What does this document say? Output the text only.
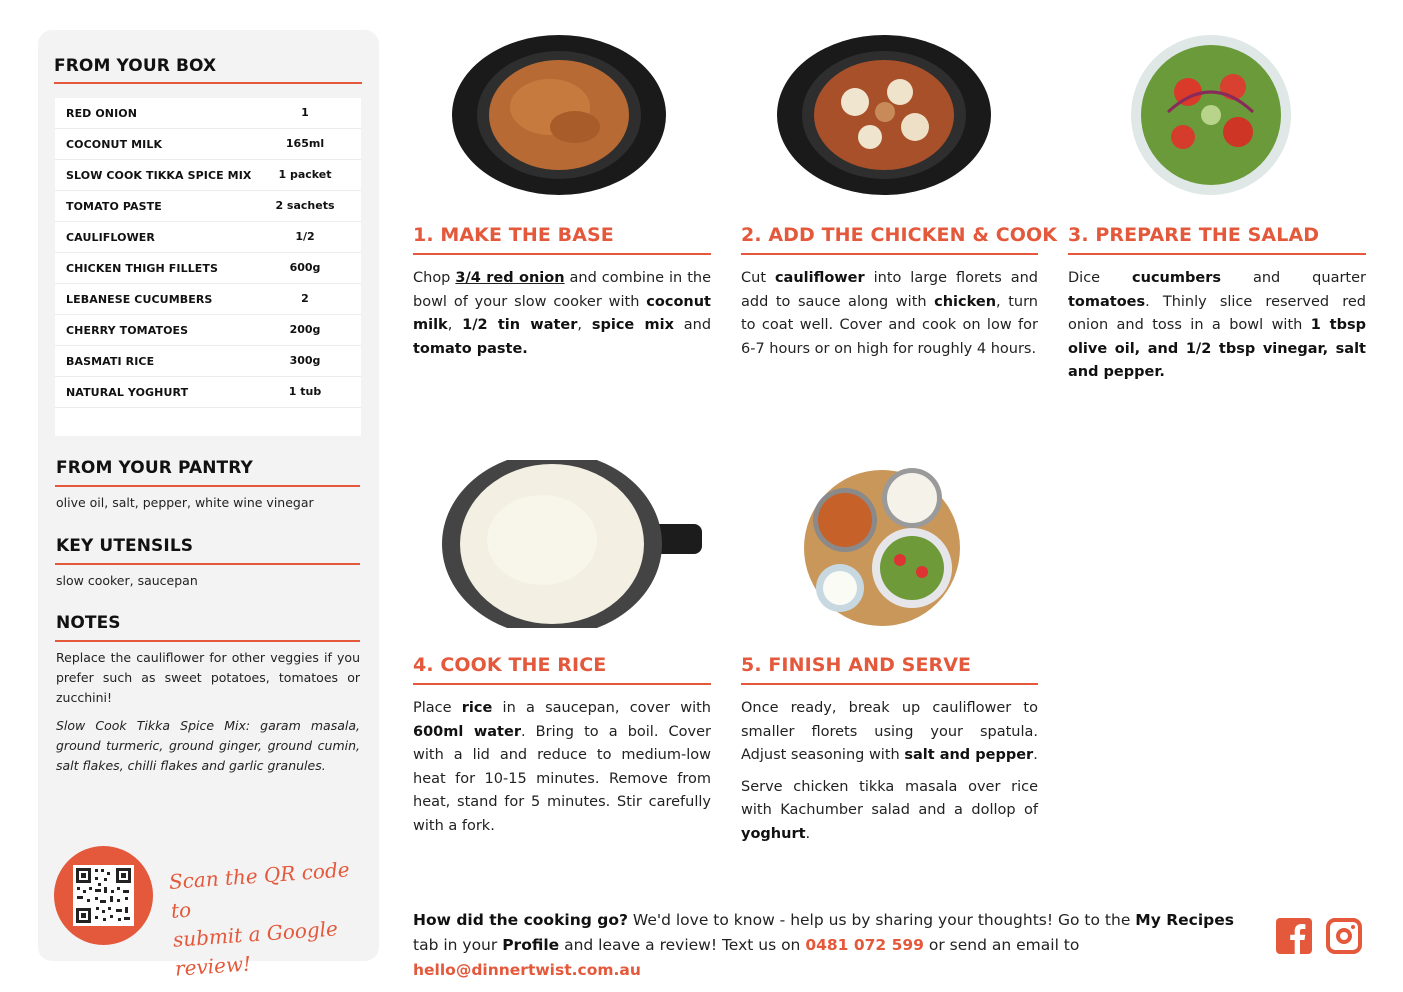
FROM YOUR BOX
RED ONION	1
COCONUT MILK	165ml
SLOW COOK TIKKA SPICE MIX	1 packet
TOMATO PASTE	2 sachets
CAULIFLOWER	1/2
CHICKEN THIGH FILLETS	600g
LEBANESE CUCUMBERS	2
CHERRY TOMATOES	200g
BASMATI RICE	300g
NATURAL YOGHURT	1 tub
FROM YOUR PANTRY
olive oil, salt, pepper, white wine vinegar
KEY UTENSILS
slow cooker, saucepan
NOTES
Replace the cauliflower for other veggies if you prefer such as sweet potatoes, tomatoes or zucchini!
Slow Cook Tikka Spice Mix: garam masala, ground turmeric, ground ginger, ground cumin, salt flakes, chilli flakes and garlic granules.
Scan the QR code to
submit a Google review!
1. MAKE THE BASE
Chop 3/4 red onion and combine in the bowl of your slow cooker with coconut milk, 1/2 tin water, spice mix and tomato paste.
2. ADD THE CHICKEN & COOK
Cut cauliflower into large florets and add to sauce along with chicken, turn to coat well. Cover and cook on low for 6-7 hours or on high for roughly 4 hours.
3. PREPARE THE SALAD
Dice cucumbers and quarter tomatoes. Thinly slice reserved red onion and toss in a bowl with 1 tbsp olive oil, and 1/2 tbsp vinegar, salt and pepper.
4. COOK THE RICE
Place rice in a saucepan, cover with 600ml water. Bring to a boil. Cover with a lid and reduce to medium-low heat for 10-15 minutes. Remove from heat, stand for 5 minutes. Stir carefully with a fork.
5. FINISH AND SERVE

Once ready, break up cauliflower to smaller florets using your spatula. Adjust seasoning with salt and pepper.

Serve chicken tikka masala over rice with Kachumber salad and a dollop of yoghurt.

How did the cooking go? We'd love to know - help us by sharing your thoughts! Go to the My Recipes tab in your Profile and leave a review! Text us on 0481 072 599 or send an email to hello@dinnertwist.com.au
